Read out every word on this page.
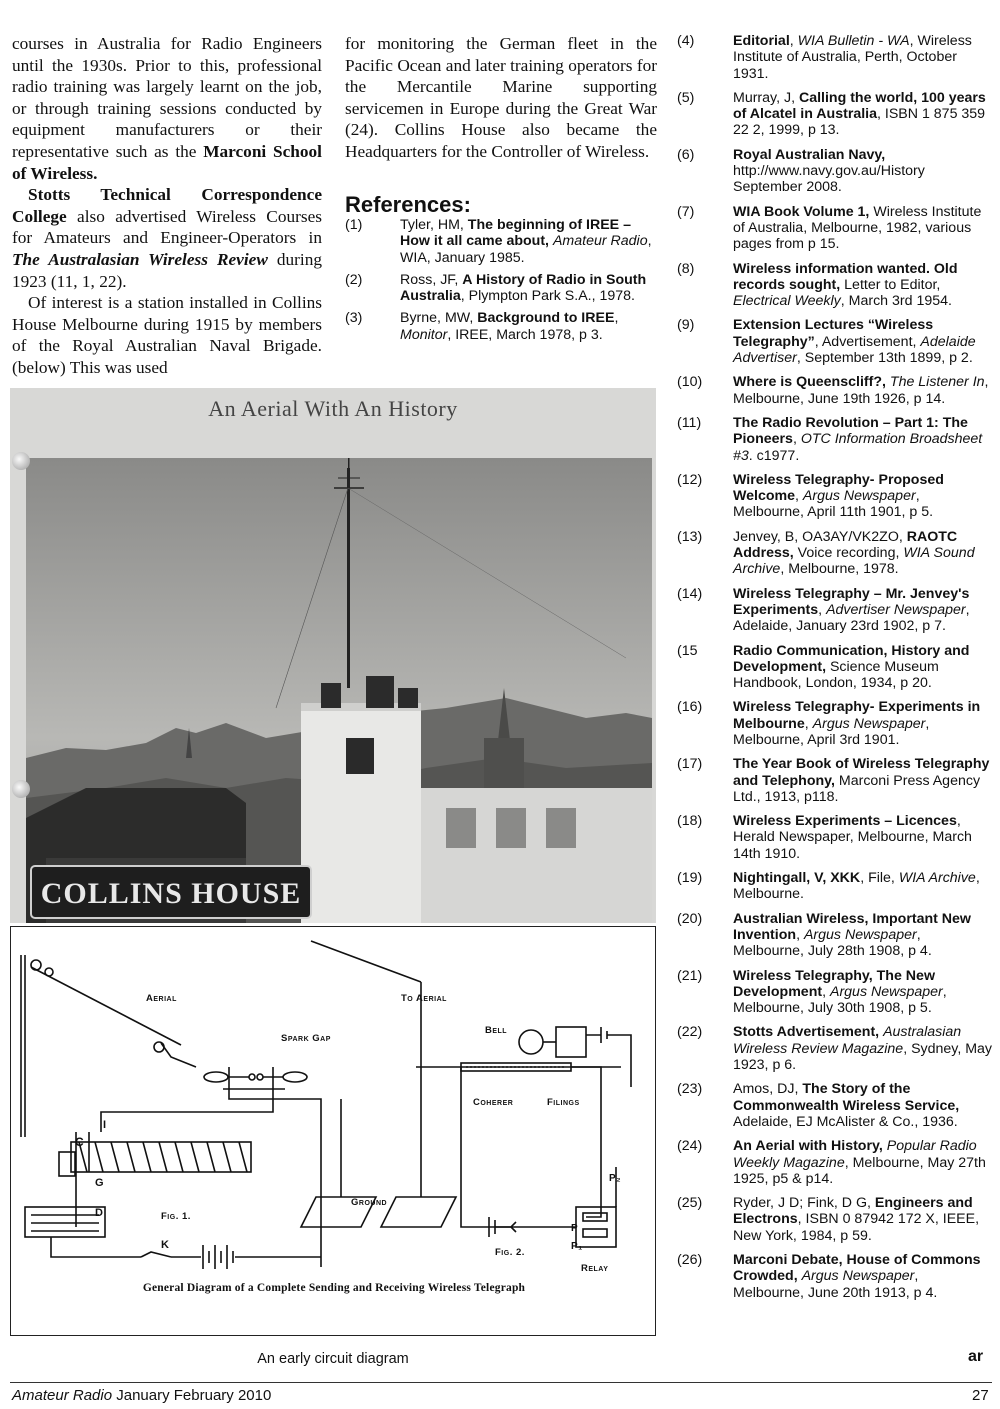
courses in Australia for Radio Engineers until the 1930s. Prior to this, professional radio training was largely learnt on the job, or through training sessions conducted by equipment manufacturers or their representative such as the Marconi School of Wireless.

Stotts Technical Correspondence College also advertised Wireless Courses for Amateurs and Engineer-Operators in The Australasian Wireless Review during 1923 (11, 1, 22).

Of interest is a station installed in Collins House Melbourne during 1915 by members of the Royal Australian Naval Brigade. (below) This was used

for monitoring the German fleet in the Pacific Ocean and later training operators for the Mercantile Marine supporting servicemen in Europe during the Great War (24). Collins House also became the Headquarters for the Controller of Wireless.

References:
(1)	Tyler, HM, The beginning of IREE – How it all came about, Amateur Radio, WIA, January 1985.
(2)	Ross, JF, A History of Radio in South Australia, Plympton Park S.A., 1978.
(3)	Byrne, MW, Background to IREE, Monitor, IREE, March 1978, p 3.
(4)	Editorial, WIA Bulletin - WA, Wireless Institute of Australia, Perth, October 1931.
(5)	Murray, J, Calling the world, 100 years of Alcatel in Australia, ISBN 1 875 359 22 2, 1999, p 13.
(6)	Royal Australian Navy, http://www.navy.gov.au/History September 2008.
(7)	WIA Book Volume 1, Wireless Institute of Australia, Melbourne, 1982, various pages from p 15.
(8)	Wireless information wanted. Old records sought, Letter to Editor, Electrical Weekly, March 3rd 1954.
(9)	Extension Lectures “Wireless Telegraphy”, Advertisement, Adelaide Advertiser, September 13th 1899, p 2.
(10) Where is Queenscliff?, The Listener In, Melbourne, June 19th 1926, p 14.
(11) The Radio Revolution – Part 1: The Pioneers, OTC Information Broadsheet #3. c1977.
(12) Wireless Telegraphy- Proposed Welcome, Argus Newspaper, Melbourne, April 11th 1901, p 5.
(13) Jenvey, B, OA3AY/VK2ZO, RAOTC Address, Voice recording, WIA Sound Archive, Melbourne, 1978.
(14) Wireless Telegraphy – Mr. Jenvey's Experiments, Advertiser Newspaper, Adelaide, January 23rd 1902, p 7.
(15 Radio Communication, History and Development, Science Museum Handbook, London, 1934, p 20.
(16) Wireless Telegraphy- Experiments in Melbourne, Argus Newspaper, Melbourne, April 3rd 1901.
(17) The Year Book of Wireless Telegraphy and Telephony, Marconi Press Agency Ltd., 1913, p118.
(18) Wireless Experiments – Licences, Herald Newspaper, Melbourne, March 14th 1910.
(19) Nightingall, V, XKK, File, WIA Archive, Melbourne.
(20) Australian Wireless, Important New Invention, Argus Newspaper, Melbourne, July 28th 1908, p 4.
(21) Wireless Telegraphy, The New Development, Argus Newspaper, Melbourne, July 30th 1908, p 5.
(22) Stotts Advertisement, Australasian Wireless Review Magazine, Sydney, May 1923, p 6.
(23) Amos, DJ, The Story of the Commonwealth Wireless Service, Adelaide, EJ McAlister & Co., 1936.
(24) An Aerial with History, Popular Radio Weekly Magazine, Melbourne, May 27th 1925, p5 & p14.
(25) Ryder, J D; Fink, D G, Engineers and Electrons, ISBN 0 87942 172 X, IEEE, New York, 1984, p 59.
(26) Marconi Debate, House of Commons Crowded, Argus Newspaper, Melbourne, June 20th 1913, p 4.
An Aerial With An History
COLLINS HOUSE
Aerial
Spark Gap
To Aerial
Bell
Coherer	Filings
Ground
Fig. 1.
Fig. 2.
Relay
C
G
D
K
I
P
P₁
P₂
General Diagram of a Complete Sending and Receiving Wireless Telegraph
An early circuit diagram	ar
Amateur Radio January February 2010	27
